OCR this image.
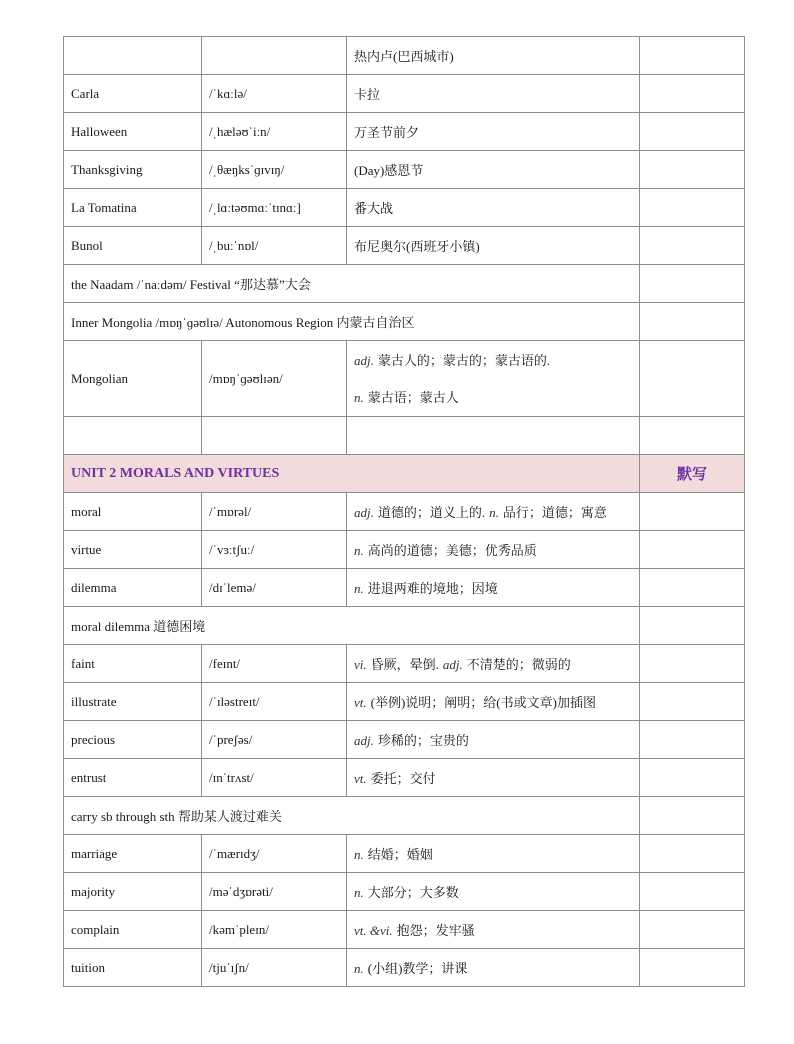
		热内卢(巴西城市)	
Carla	/ˈkɑːlə/	卡拉	
Halloween	/ˌhæləʊˈiːn/	万圣节前夕	
Thanksgiving	/ˌθæŋksˈɡɪvɪŋ/	(Day)感恩节	
La Tomatina	/ˌlɑːtəʊmɑːˈtɪnɑː]	番大战	
Bunol	/ˌbuːˈnɒl/	布尼奥尔(西班牙小镇)	
the Naadam /ˈnaːdəm/ Festival “那达慕”大会			
Inner Mongolia /mɒŋˈɡəʊlɪə/ Autonomous Region 内蒙古自治区			
Mongolian	/mɒŋˈɡəʊlɪən/	adj. 蒙古人的；蒙古的；蒙古语的.
n. 蒙古语；蒙古人	

UNIT 2 MORALS AND VIRTUES			默写
moral	/ˈmɒrəl/	adj. 道德的；道义上的. n. 品行；道德；寓意	
virtue	/ˈvɜːtʃuː/	n. 高尚的道德；美德；优秀品质	
dilemma	/dɪˈlemə/	n. 进退两难的境地；因境	
moral dilemma 道德困境			
faint	/feɪnt/	vi. 昏厥，晕倒. adj. 不清楚的；微弱的	
illustrate	/ˈɪləstreɪt/	vt. (举例)说明；阐明；给(书或文章)加插图	
precious	/ˈpreʃəs/	adj. 珍稀的；宝贵的	
entrust	/ɪnˈtrʌst/	vt. 委托；交付	
carry sb through sth 帮助某人渡过难关			
marriage	/ˈmærɪdʒ/	n. 结婚；婚姻	
majority	/məˈdʒɒrəti/	n. 大部分；大多数	
complain	/kəmˈpleɪn/	vt. &vi. 抱怨；发牢骚	
tuition	/tjuˈɪʃn/	n. (小组)教学；讲课	
